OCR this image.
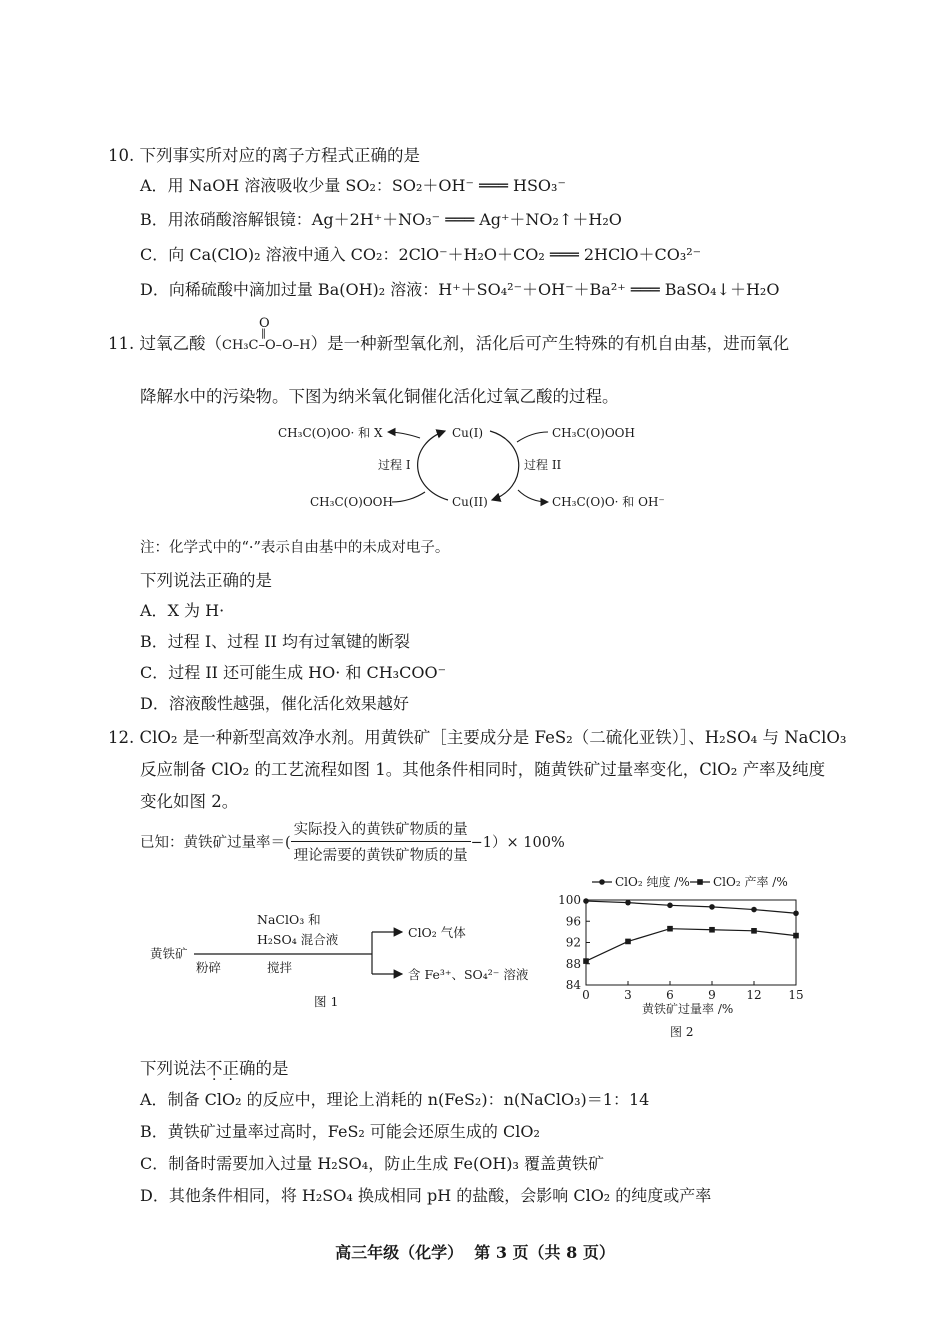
10. 下列事实所对应的离子方程式正确的是
A．用 NaOH 溶液吸收少量 SO₂：SO₂＋OH⁻ ═══ HSO₃⁻
B．用浓硝酸溶解银镜：Ag＋2H⁺＋NO₃⁻ ═══ Ag⁺＋NO₂↑＋H₂O
C．向 Ca(ClO)₂ 溶液中通入 CO₂：2ClO⁻＋H₂O＋CO₂ ═══ 2HClO＋CO₃²⁻
D．向稀硫酸中滴加过量 Ba(OH)₂ 溶液：H⁺＋SO₄²⁻＋OH⁻＋Ba²⁺ ═══ BaSO₄↓＋H₂O
11. 过氧乙酸（
O
‖
CH₃C–O–O–H）是一种新型氧化剂，活化后可产生特殊的有机自由基，进而氧化
降解水中的污染物。下图为纳米氧化铜催化活化过氧乙酸的过程。
CH₃C(O)OO· 和 X
CH₃C(O)OOH
Cu(I)
Cu(II)
CH₃C(O)OOH
CH₃C(O)O· 和 OH⁻
过程 I	过程 II
注：化学式中的“·”表示自由基中的未成对电子。
下列说法正确的是
A．X 为 H·
B．过程 I、过程 II 均有过氧键的断裂
C．过程 II 还可能生成 HO· 和 CH₃COO⁻
D．溶液酸性越强，催化活化效果越好
12. ClO₂ 是一种新型高效净水剂。用黄铁矿［主要成分是 FeS₂（二硫化亚铁）］、H₂SO₄ 与 NaClO₃
反应制备 ClO₂ 的工艺流程如图 1。其他条件相同时，随黄铁矿过量率变化，ClO₂ 产率及纯度
变化如图 2。
已知：黄铁矿过量率＝( $\frac{\text{实际投入的黄铁矿物质的量}}{\text{理论需要的黄铁矿物质的量}} -1)\times 100\%$
黄铁矿
粉碎
NaClO₃ 和
H₂SO₄ 混合液
搅拌
ClO₂ 气体
含 Fe³⁺、SO₄²⁻ 溶液
图 1
ClO₂ 纯度 /% ClO₂ 产率 /%
84
88
92
96
100
0	3	6	9	12 15
黄铁矿过量率 /%
图 2
下列说法不正确的是
A．制备 ClO₂ 的反应中，理论上消耗的 n(FeS₂)：n(NaClO₃)＝1：14
B．黄铁矿过量率过高时，FeS₂ 可能会还原生成的 ClO₂
C．制备时需要加入过量 H₂SO₄，防止生成 Fe(OH)₃ 覆盖黄铁矿
D．其他条件相同，将 H₂SO₄ 换成相同 pH 的盐酸，会影响 ClO₂ 的纯度或产率
高三年级（化学）  第 3 页（共 8 页）
